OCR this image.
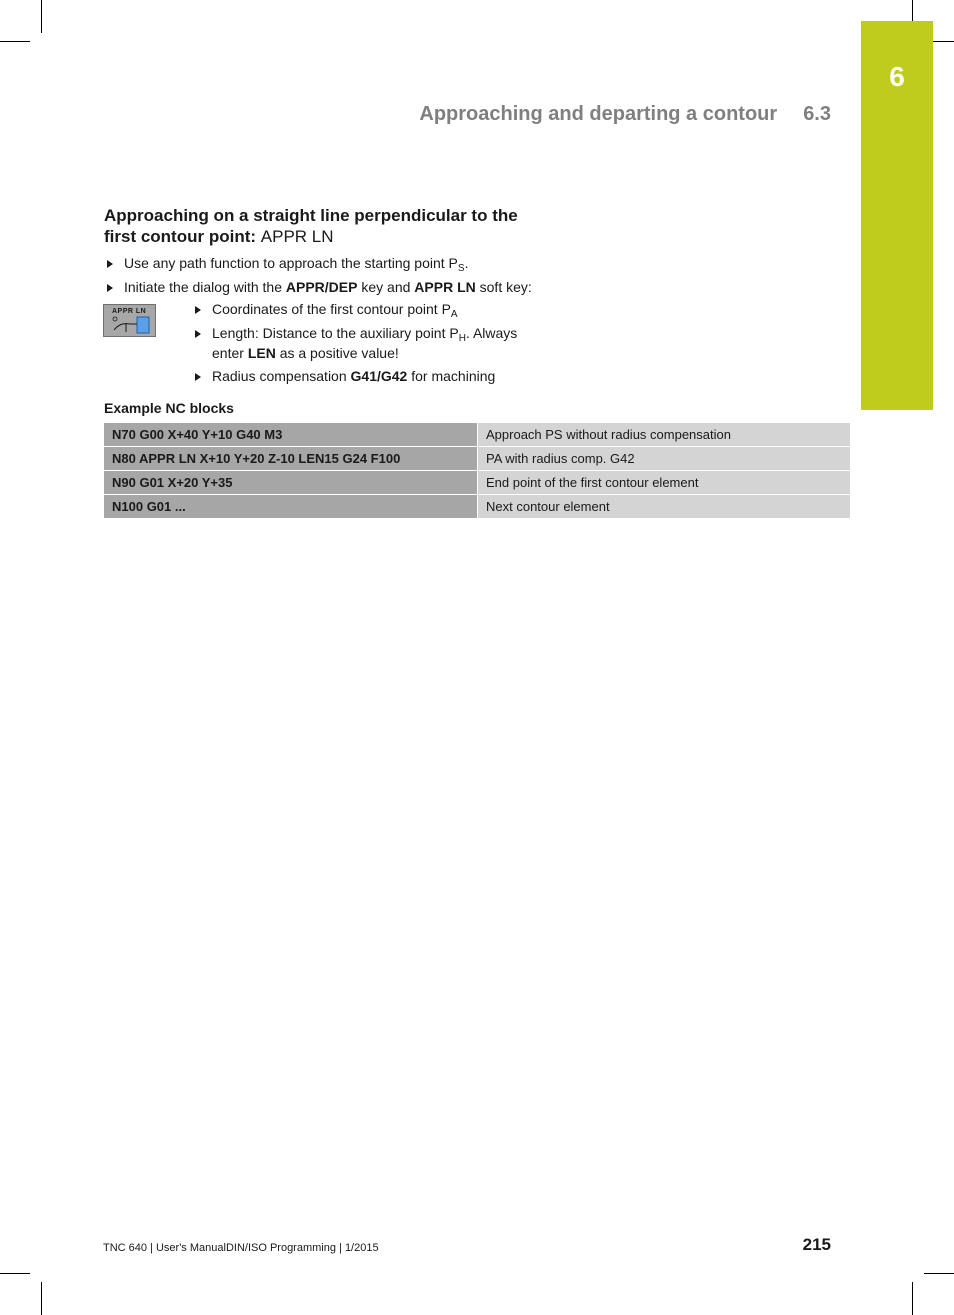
6
Approaching and departing a contour 6.3
Approaching on a straight line perpendicular to the first contour point: APPR LN
Use any path function to approach the starting point $P_S$.
Initiate the dialog with the APPR/DEP key and APPR LN soft key:
APPR LN	Coordinates of the first contour point $P_A$
Length: Distance to the auxiliary point $P_H$. Always
enter LEN as a positive value!
Radius compensation G41/G42 for machining
Example NC blocks
N70 G00 X+40 Y+10 G40 M3	Approach PS without radius compensation
N80 APPR LN X+10 Y+20 Z-10 LEN15 G24 F100	PA with radius comp. G42
N90 G01 X+20 Y+35	End point of the first contour element
N100 G01 ...	Next contour element
TNC 640 | User's ManualDIN/ISO Programming | 1/2015	215
